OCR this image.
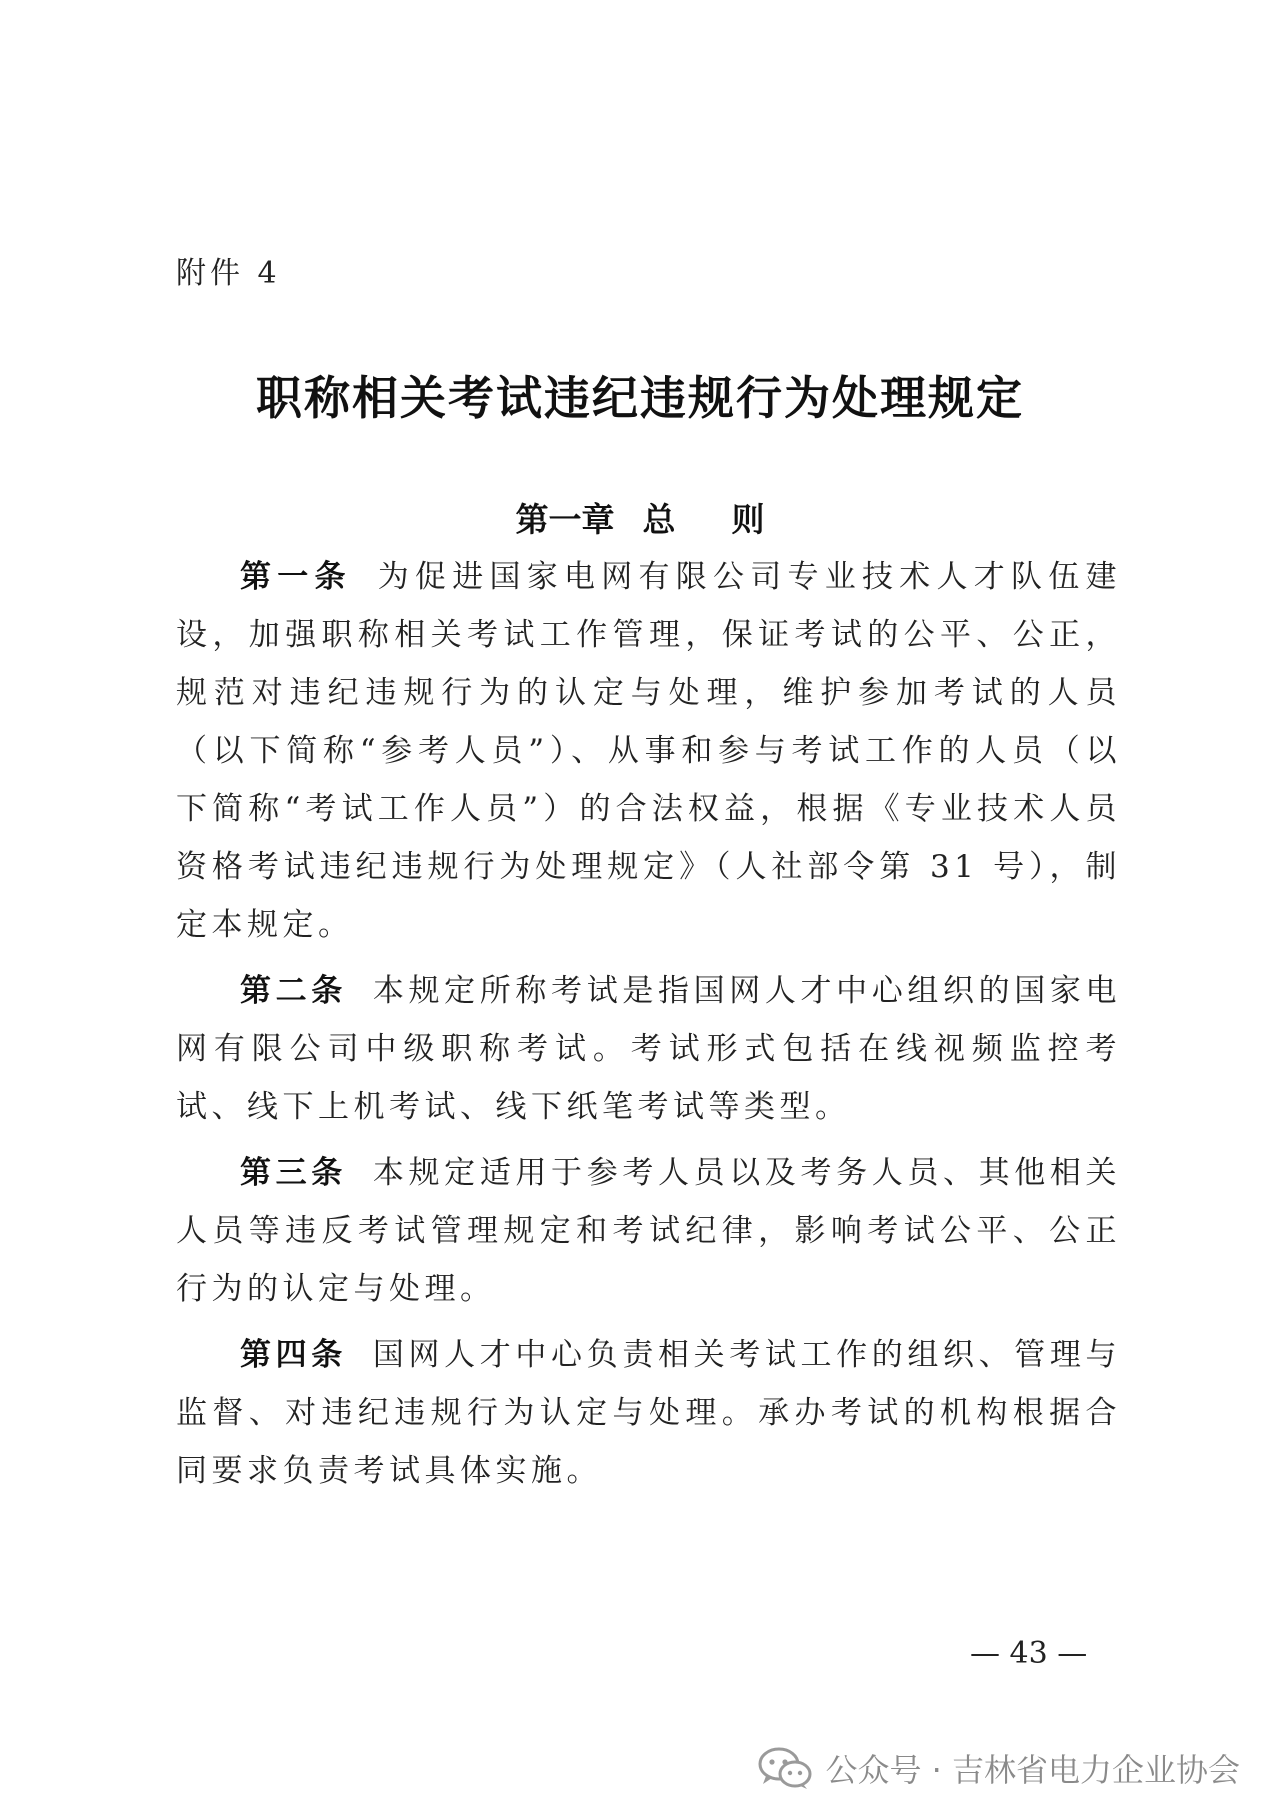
附件 4
职称相关考试违纪违规行为处理规定
第一章 总 则

第一条 为促进国家电网有限公司专业技术人才队伍建设，加强职称相关考试工作管理，保证考试的公平、公正，规范对违纪违规行为的认定与处理，维护参加考试的人员（以下简称“参考人员”）、从事和参与考试工作的人员（以下简称“考试工作人员”）的合法权益，根据《专业技术人员资格考试违纪违规行为处理规定》（人社部令第 31 号），制定本规定。

第二条 本规定所称考试是指国网人才中心组织的国家电网有限公司中级职称考试。考试形式包括在线视频监控考试、线下上机考试、线下纸笔考试等类型。

第三条 本规定适用于参考人员以及考务人员、其他相关人员等违反考试管理规定和考试纪律，影响考试公平、公正行为的认定与处理。

第四条 国网人才中心负责相关考试工作的组织、管理与监督、对违纪违规行为认定与处理。承办考试的机构根据合同要求负责考试具体实施。

— 43 —
公众号 · 吉林省电力企业协会
